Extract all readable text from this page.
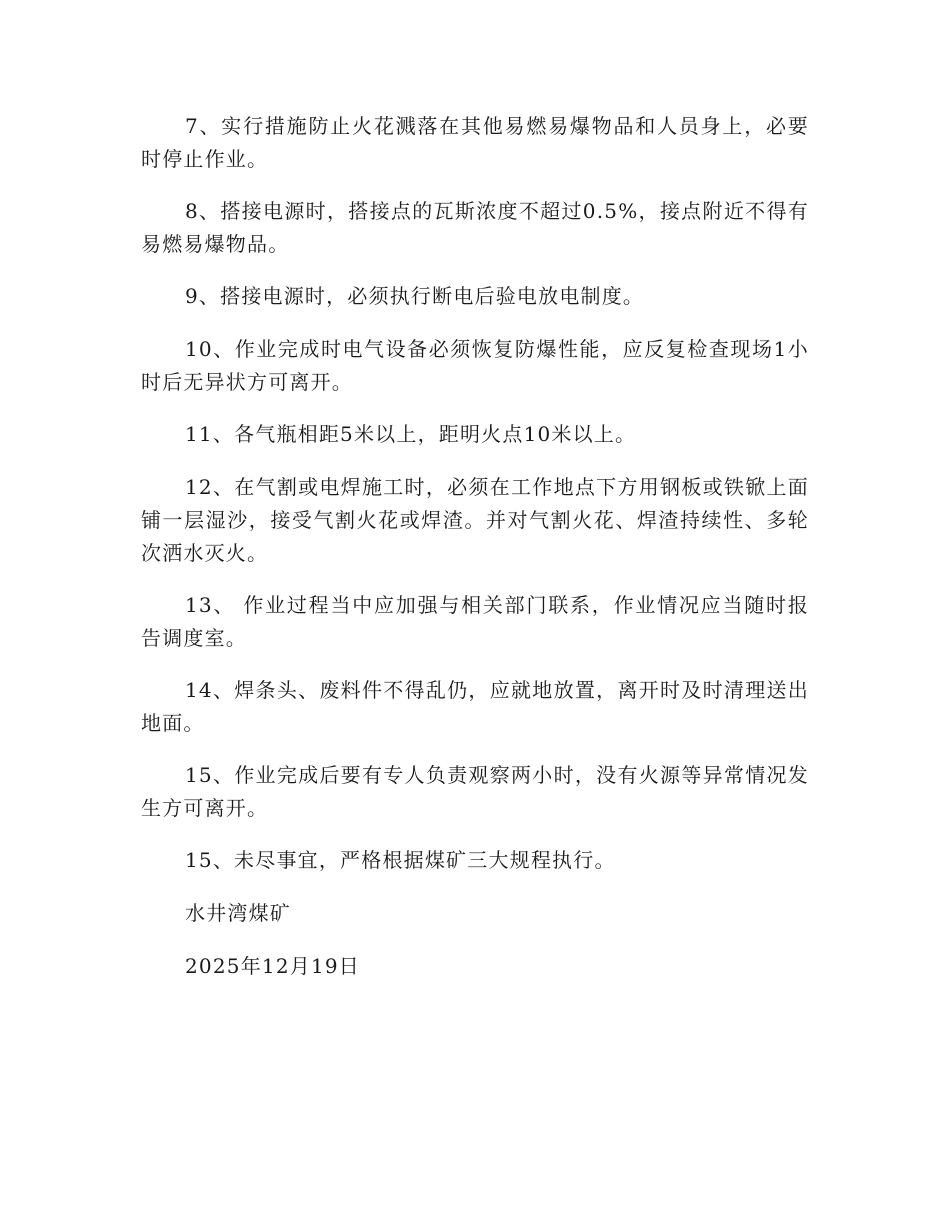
7、实行措施防止火花溅落在其他易燃易爆物品和人员身上，必要时停止作业。

8、搭接电源时，搭接点的瓦斯浓度不超过0.5%，接点附近不得有易燃易爆物品。

9、搭接电源时，必须执行断电后验电放电制度。

10、作业完成时电气设备必须恢复防爆性能，应反复检查现场1小时后无异状方可离开。

11、各气瓶相距5米以上，距明火点10米以上。

12、在气割或电焊施工时，必须在工作地点下方用钢板或铁锨上面铺一层湿沙，接受气割火花或焊渣。并对气割火花、焊渣持续性、多轮次洒水灭火。

13、 作业过程当中应加强与相关部门联系，作业情况应当随时报告调度室。

14、焊条头、废料件不得乱仍，应就地放置，离开时及时清理送出地面。

15、作业完成后要有专人负责观察两小时，没有火源等异常情况发生方可离开。

15、未尽事宜，严格根据煤矿三大规程执行。

水井湾煤矿

2025年12月19日
